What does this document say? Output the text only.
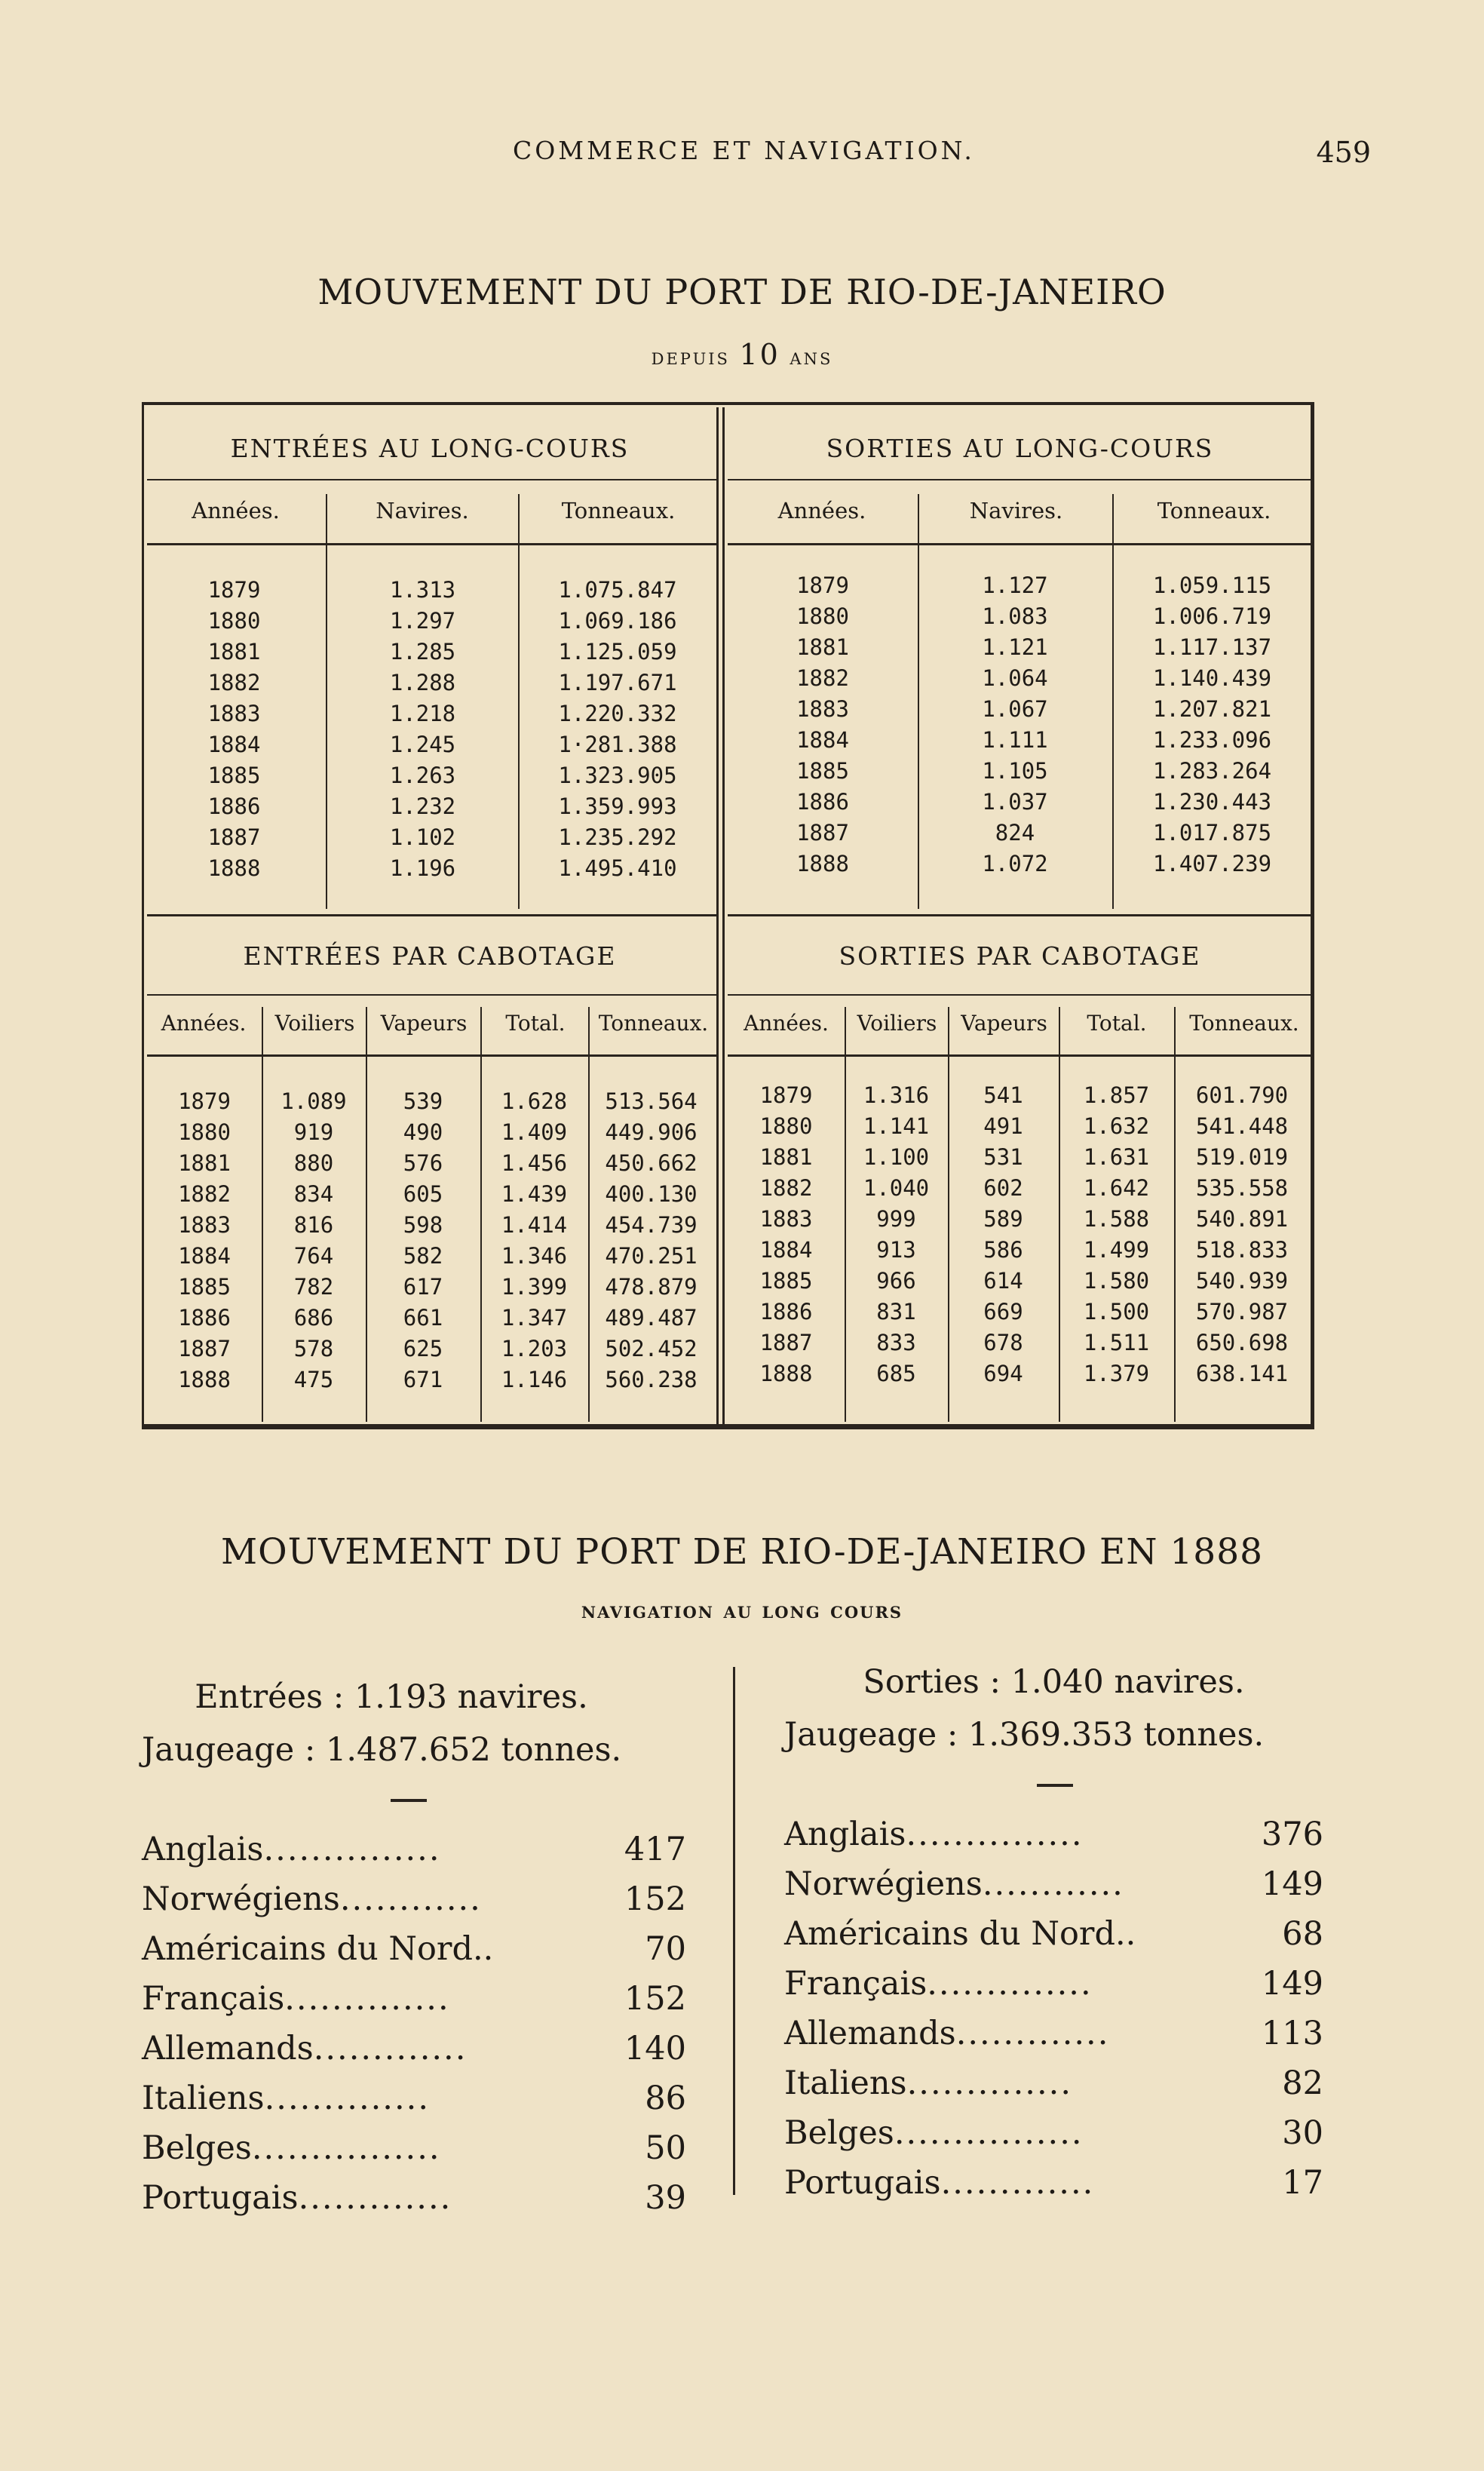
COMMERCE ET NAVIGATION.	459
MOUVEMENT DU PORT DE RIO-DE-JANEIRO
depuis 10 ans
ENTRÉES AU LONG-COURS	SORTIES AU LONG-COURS
Années.	Navires.	Tonneaux.	Années.	Navires.	Tonneaux.
1879	1.313	1.075.847
1880	1.297	1.069.186
1881	1.285	1.125.059
1882	1.288	1.197.671
1883	1.218	1.220.332
1884	1.245	1·281.388
1885	1.263	1.323.905
1886	1.232	1.359.993
1887	1.102	1.235.292
1888	1.196	1.495.410
1879	1.127	1.059.115
1880	1.083	1.006.719
1881	1.121	1.117.137
1882	1.064	1.140.439
1883	1.067	1.207.821
1884	1.111	1.233.096
1885	1.105	1.283.264
1886	1.037	1.230.443
1887	824	1.017.875
1888	1.072	1.407.239
ENTRÉES PAR CABOTAGE	SORTIES PAR CABOTAGE
Années.	Voiliers	Vapeurs	Total.	Tonneaux.	Années.	Voiliers	Vapeurs	Total.	Tonneaux.
1879	1.089	539	1.628	513.564
1880	919	490	1.409	449.906
1881	880	576	1.456	450.662
1882	834	605	1.439	400.130
1883	816	598	1.414	454.739
1884	764	582	1.346	470.251
1885	782	617	1.399	478.879
1886	686	661	1.347	489.487
1887	578	625	1.203	502.452
1888	475	671	1.146	560.238
1879	1.316	541	1.857	601.790
1880	1.141	491	1.632	541.448
1881	1.100	531	1.631	519.019
1882	1.040	602	1.642	535.558
1883	999	589	1.588	540.891
1884	913	586	1.499	518.833
1885	966	614	1.580	540.939
1886	831	669	1.500	570.987
1887	833	678	1.511	650.698
1888	685	694	1.379	638.141
MOUVEMENT DU PORT DE RIO-DE-JANEIRO EN 1888
navigation au long cours
Entrées : 1.193 navires.
Jaugeage : 1.487.652 tonnes.
Anglais...............	417
Norwégiens............	152
Américains du Nord..	70
Français..............	152
Allemands.............	140
Italiens..............	86
Belges................	50
Portugais.............	39
Sorties : 1.040 navires.
Jaugeage : 1.369.353 tonnes.
Anglais...............	376
Norwégiens............	149
Américains du Nord..	68
Français..............	149
Allemands.............	113
Italiens..............	82
Belges................	30
Portugais.............	17
